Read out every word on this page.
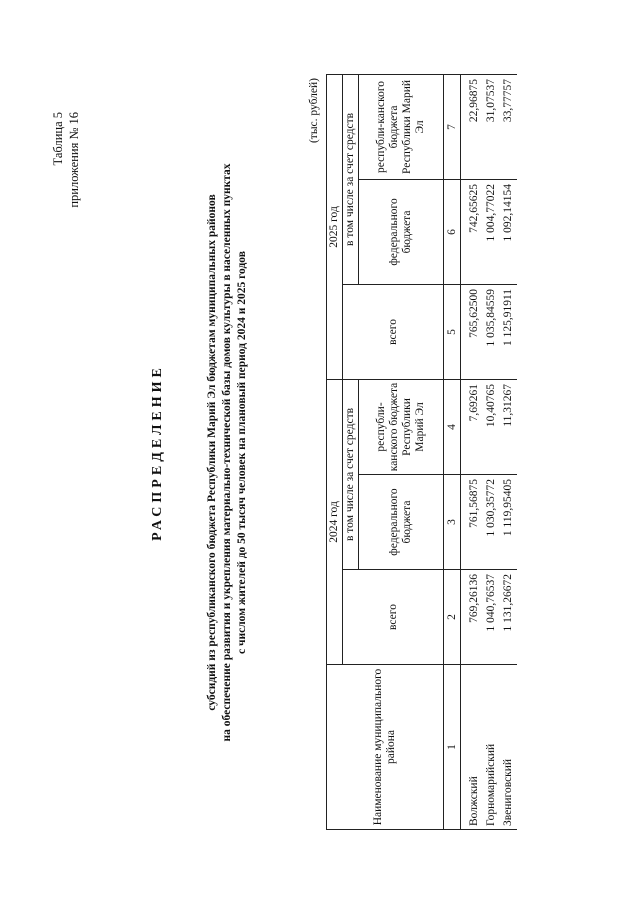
Таблица 5 приложения № 16
РАСПРЕДЕЛЕНИЕ	субсидий из республиканского бюджета Республики Марий Эл бюджетам муниципальных районов на обеспечение развития и укрепления материально-технической базы домов культуры в населенных пунктах с числом жителей до 50 тысяч человек на плановый период 2024 и 2025 годов
(тыс. рублей)
Наименование муниципального района	2024 год			2025 год		
	всего	в том числе за счет средств		всего	в том числе за счет средств	
		федерального бюджета	республи-канского бюджета Республики Марий Эл		федерального бюджета	республи-канского бюджета Республики Марий Эл
1	2	3	4	5	6	7
Волжский	769,26136	761,56875	7,69261	765,62500	742,65625	22,96875
Горномарийский	1 040,76537	1 030,35772	10,40765	1 035,84559	1 004,77022	31,07537
Звениговский	1 131,26672	1 119,95405	11,31267	1 125,91911	1 092,14154	33,77757
